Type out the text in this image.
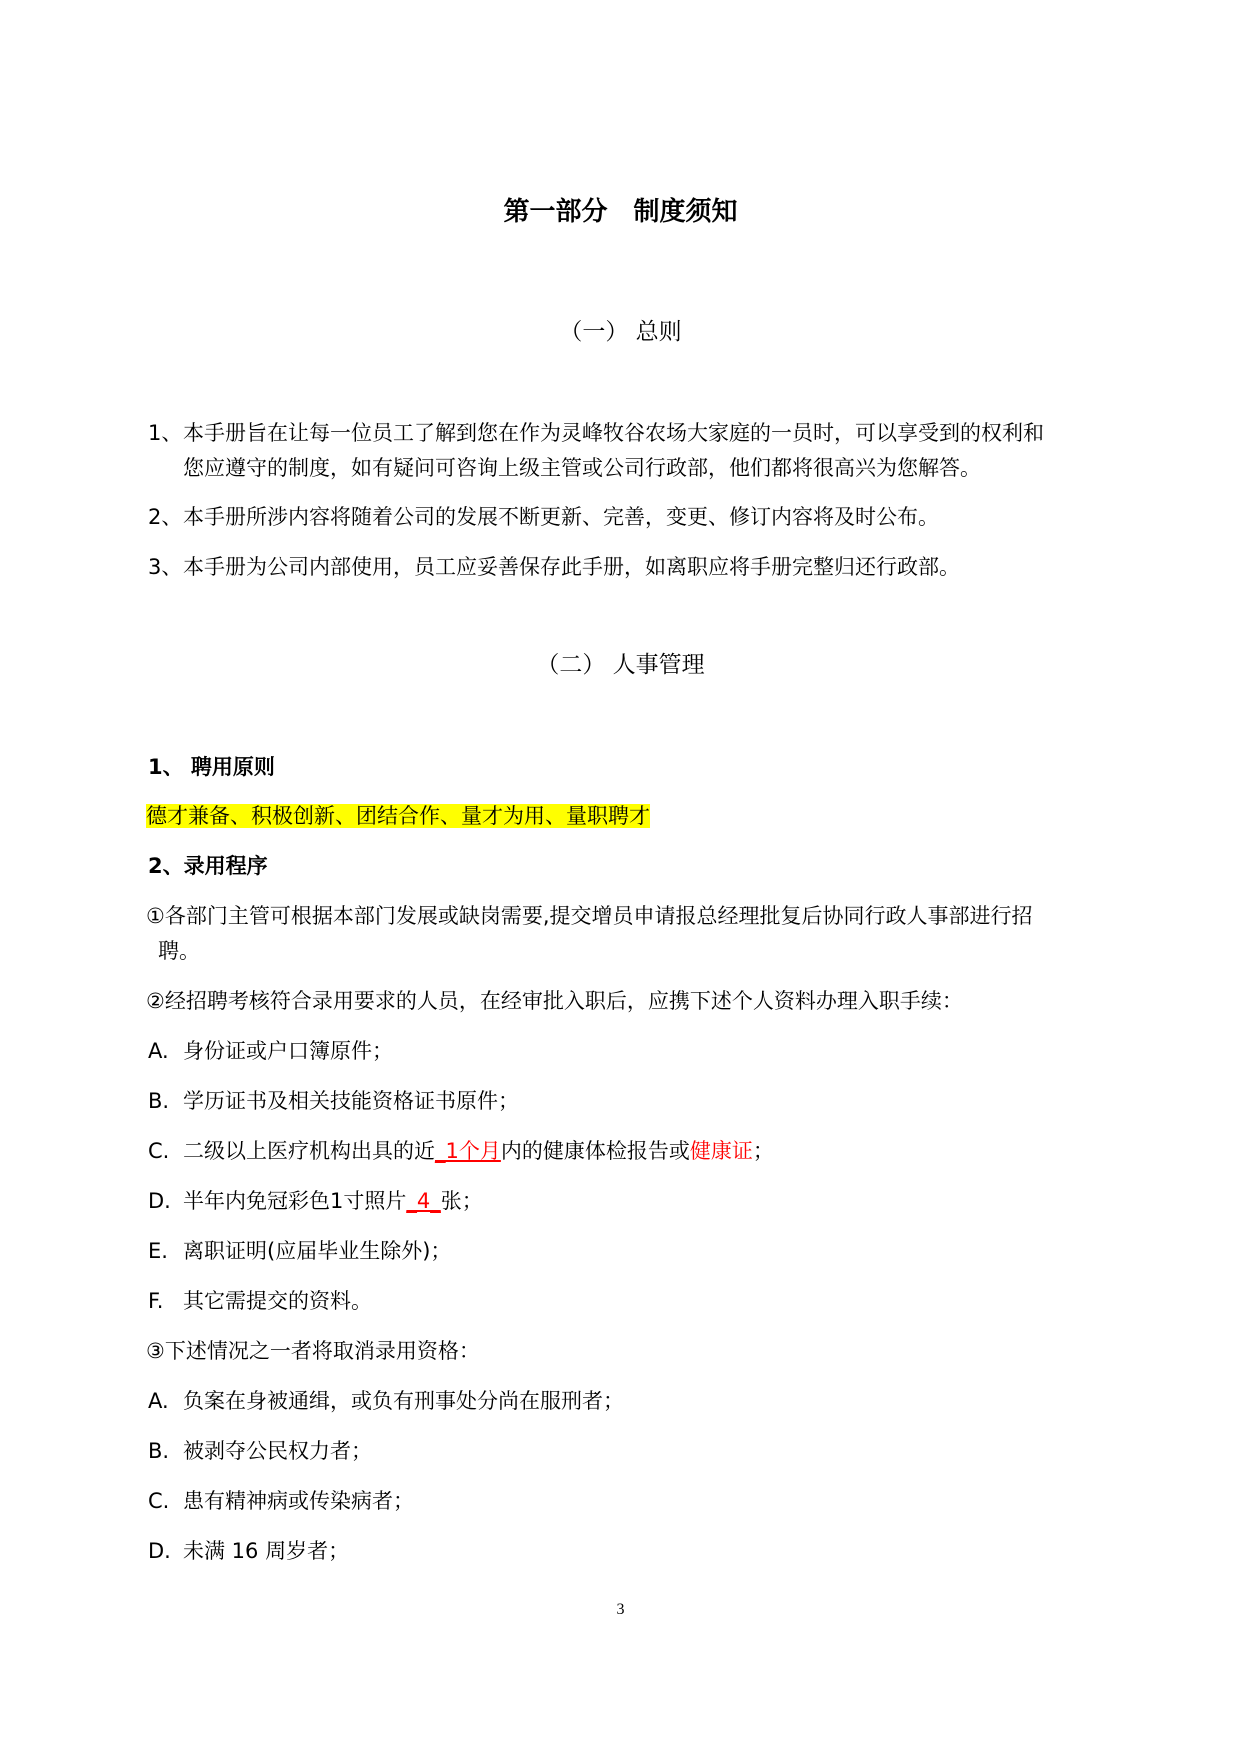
第一部分　制度须知
（一） 总则
1、 本手册旨在让每一位员工了解到您在作为灵峰牧谷农场大家庭的一员时，可以享受到的权利和
您应遵守的制度，如有疑问可咨询上级主管或公司行政部，他们都将很高兴为您解答。
2、 本手册所涉内容将随着公司的发展不断更新、完善，变更、修订内容将及时公布。
3、 本手册为公司内部使用，员工应妥善保存此手册，如离职应将手册完整归还行政部。
（二） 人事管理
1、 聘用原则
德才兼备、积极创新、团结合作、量才为用、量职聘才
2、录用程序
①各部门主管可根据本部门发展或缺岗需要,提交增员申请报总经理批复后协同行政人事部进行招
聘。
②经招聘考核符合录用要求的人员，在经审批入职后，应携下述个人资料办理入职手续：
A. 身份证或户口簿原件；
B. 学历证书及相关技能资格证书原件；
C. 二级以上医疗机构出具的近_1个月内的健康体检报告或健康证；
D. 半年内免冠彩色1寸照片_4_张；
E. 离职证明(应届毕业生除外)；
F. 其它需提交的资料。
③下述情况之一者将取消录用资格：
A. 负案在身被通缉，或负有刑事处分尚在服刑者；
B. 被剥夺公民权力者；
C. 患有精神病或传染病者；
D. 未满 16 周岁者；
3
